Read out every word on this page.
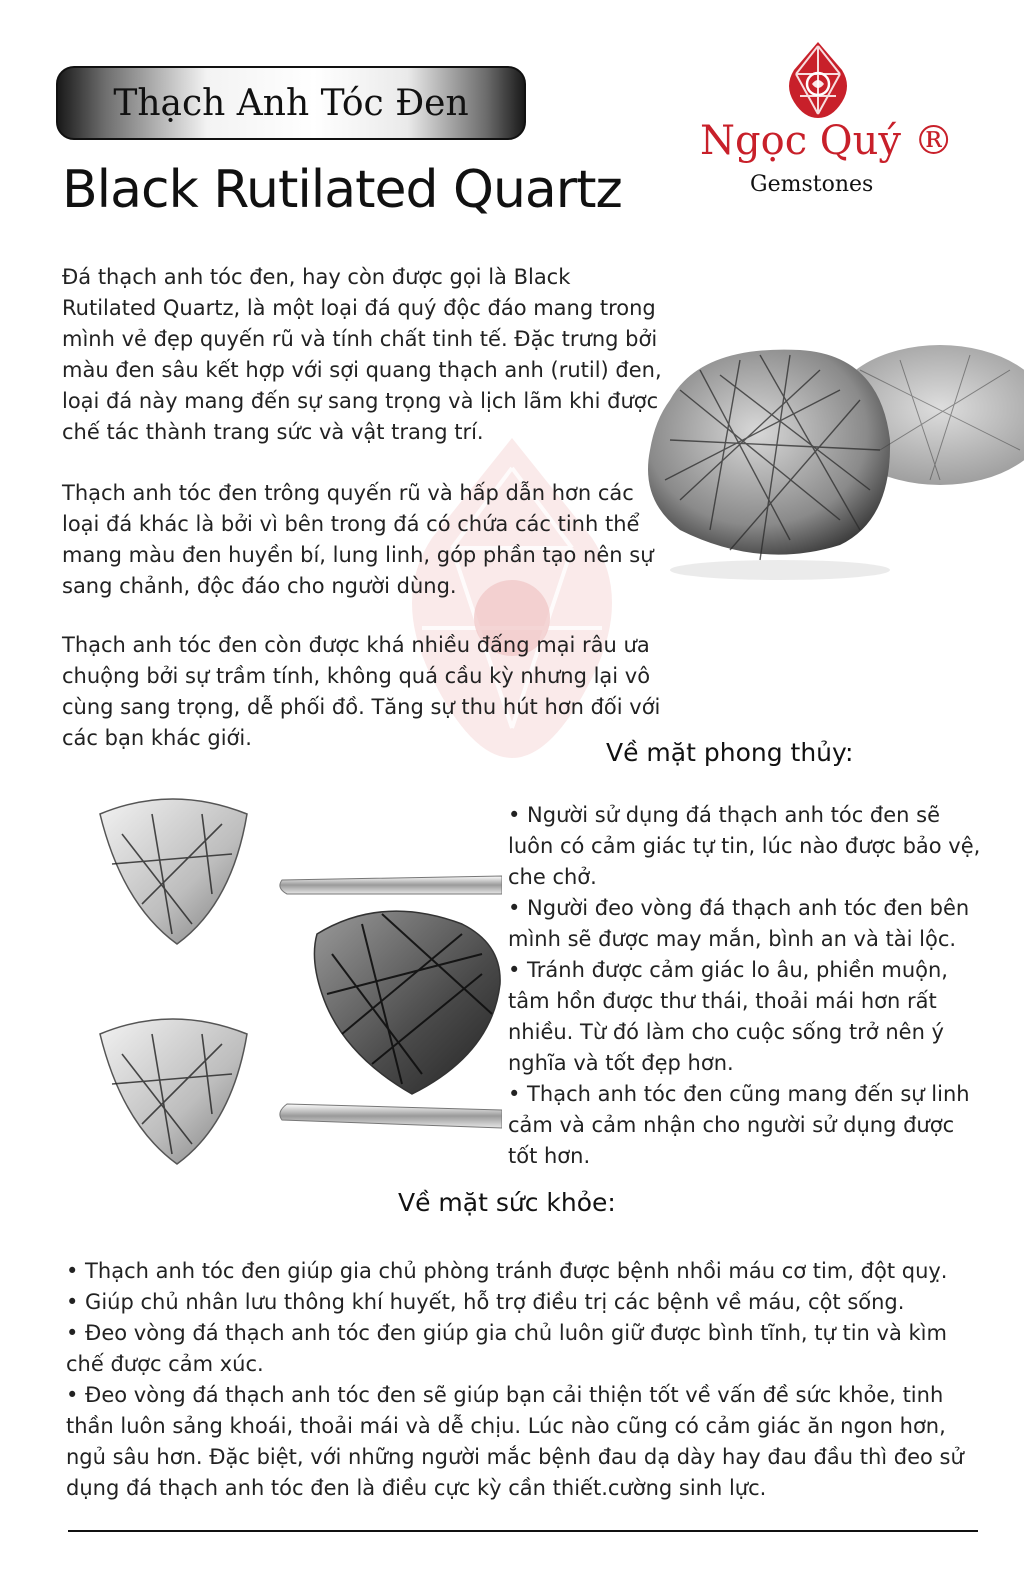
Thạch Anh Tóc Đen
Black Rutilated Quartz
Ngọc Quý ®
Gemstones
Đá thạch anh tóc đen, hay còn được gọi là Black Rutilated Quartz, là một loại đá quý độc đáo mang trong mình vẻ đẹp quyến rũ và tính chất tinh tế. Đặc trưng bởi màu đen sâu kết hợp với sợi quang thạch anh (rutil) đen, loại đá này mang đến sự sang trọng và lịch lãm khi được chế tác thành trang sức và vật trang trí.
Thạch anh tóc đen trông quyến rũ và hấp dẫn hơn các loại đá khác là bởi vì bên trong đá có chứa các tinh thể mang màu đen huyền bí, lung linh, góp phần tạo nên sự sang chảnh, độc đáo cho người dùng.
Thạch anh tóc đen còn được khá nhiều đấng mại râu ưa chuộng bởi sự trầm tính, không quá cầu kỳ nhưng lại vô cùng sang trọng, dễ phối đồ. Tăng sự thu hút hơn đối với các bạn khác giới.	Về mặt phong thủy:

• Người sử dụng đá thạch anh tóc đen sẽ luôn có cảm giác tự tin, lúc nào được bảo vệ, che chở.

• Người đeo vòng đá thạch anh tóc đen bên mình sẽ được may mắn, bình an và tài lộc.

• Tránh được cảm giác lo âu, phiền muộn, tâm hồn được thư thái, thoải mái hơn rất nhiều. Từ đó làm cho cuộc sống trở nên ý nghĩa và tốt đẹp hơn.

• Thạch anh tóc đen cũng mang đến sự linh cảm và cảm nhận cho người sử dụng được tốt hơn.

Về mặt sức khỏe:

• Thạch anh tóc đen giúp gia chủ phòng tránh được bệnh nhồi máu cơ tim, đột quỵ.

• Giúp chủ nhân lưu thông khí huyết, hỗ trợ điều trị các bệnh về máu, cột sống.

• Đeo vòng đá thạch anh tóc đen giúp gia chủ luôn giữ được bình tĩnh, tự tin và kìm chế được cảm xúc.

• Đeo vòng đá thạch anh tóc đen sẽ giúp bạn cải thiện tốt về vấn đề sức khỏe, tinh thần luôn sảng khoái, thoải mái và dễ chịu. Lúc nào cũng có cảm giác ăn ngon hơn, ngủ sâu hơn. Đặc biệt, với những người mắc bệnh đau dạ dày hay đau đầu thì đeo sử dụng đá thạch anh tóc đen là điều cực kỳ cần thiết.cường sinh lực.
